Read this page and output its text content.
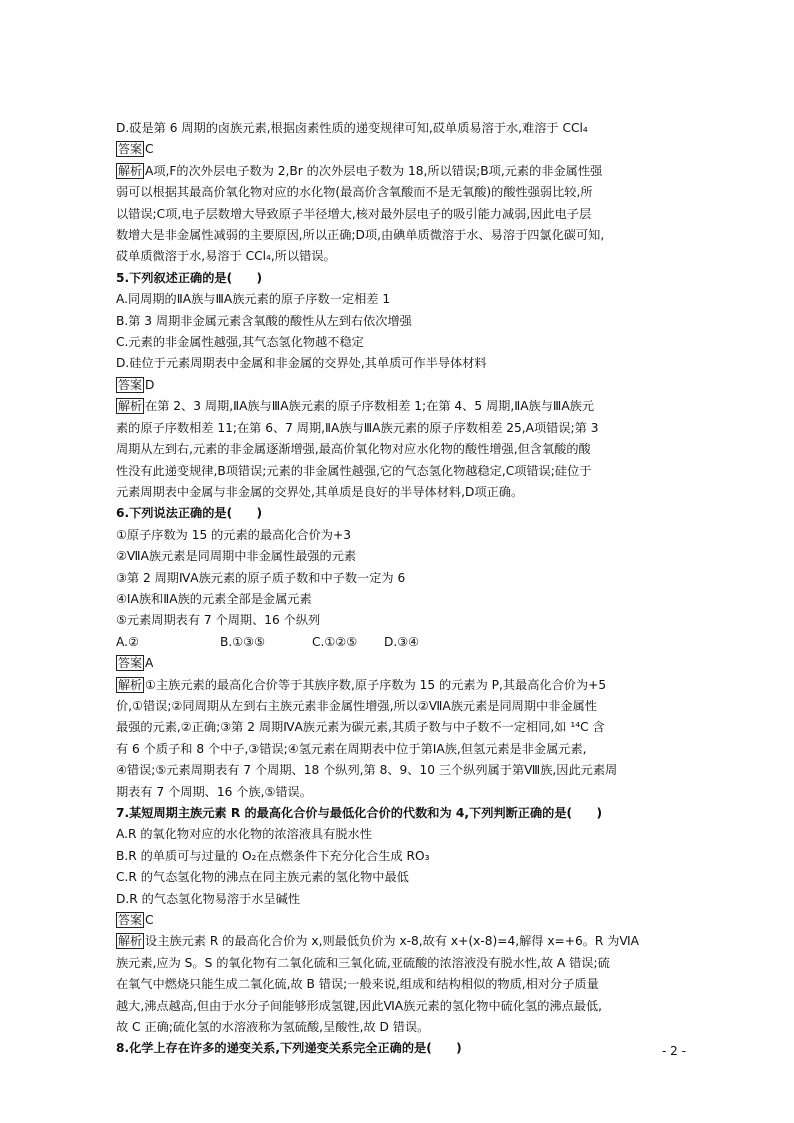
D.砹是第 6 周期的卤族元素,根据卤素性质的递变规律可知,砹单质易溶于水,难溶于 CCl₄
答案 C
解析 A项,F的次外层电子数为 2,Br 的次外层电子数为 18,所以错误;B项,元素的非金属性强
弱可以根据其最高价氧化物对应的水化物(最高价含氧酸而不是无氧酸)的酸性强弱比较,所
以错误;C项,电子层数增大导致原子半径增大,核对最外层电子的吸引能力减弱,因此电子层
数增大是非金属性减弱的主要原因,所以正确;D项,由碘单质微溶于水、易溶于四氯化碳可知,
砹单质微溶于水,易溶于 CCl₄,所以错误。
5.下列叙述正确的是(　　)
A.同周期的ⅡA族与ⅢA族元素的原子序数一定相差 1
B.第 3 周期非金属元素含氧酸的酸性从左到右依次增强
C.元素的非金属性越强,其气态氢化物越不稳定
D.硅位于元素周期表中金属和非金属的交界处,其单质可作半导体材料
答案 D
解析 在第 2、3 周期,ⅡA族与ⅢA族元素的原子序数相差 1;在第 4、5 周期,ⅡA族与ⅢA族元
素的原子序数相差 11;在第 6、7 周期,ⅡA族与ⅢA族元素的原子序数相差 25,A项错误;第 3
周期从左到右,元素的非金属逐渐增强,最高价氧化物对应水化物的酸性增强,但含氧酸的酸
性没有此递变规律,B项错误;元素的非金属性越强,它的气态氢化物越稳定,C项错误;硅位于
元素周期表中金属与非金属的交界处,其单质是良好的半导体材料,D项正确。
6.下列说法正确的是(　　)
①原子序数为 15 的元素的最高化合价为+3
②ⅦA族元素是同周期中非金属性最强的元素
③第 2 周期ⅣA族元素的原子质子数和中子数一定为 6
④ⅠA族和ⅡA族的元素全部是金属元素
⑤元素周期表有 7 个周期、16 个纵列
A.②	B.①③⑤	C.①②⑤ D.③④
答案 A
解析 ①主族元素的最高化合价等于其族序数,原子序数为 15 的元素为 P,其最高化合价为+5
价,①错误;②同周期从左到右主族元素非金属性增强,所以②ⅦA族元素是同周期中非金属性
最强的元素,②正确;③第 2 周期ⅣA族元素为碳元素,其质子数与中子数不一定相同,如 ¹⁴C 含
有 6 个质子和 8 个中子,③错误;④氢元素在周期表中位于第ⅠA族,但氢元素是非金属元素,
④错误;⑤元素周期表有 7 个周期、18 个纵列,第 8、9、10 三个纵列属于第Ⅷ族,因此元素周
期表有 7 个周期、16 个族,⑤错误。
7.某短周期主族元素 R 的最高化合价与最低化合价的代数和为 4,下列判断正确的是(　　)
A.R 的氧化物对应的水化物的浓溶液具有脱水性
B.R 的单质可与过量的 O₂在点燃条件下充分化合生成 RO₃
C.R 的气态氢化物的沸点在同主族元素的氢化物中最低
D.R 的气态氢化物易溶于水呈碱性
答案 C
解析 设主族元素 R 的最高化合价为 x,则最低负价为 x-8,故有 x+(x-8)=4,解得 x=+6。R 为ⅥA
族元素,应为 S。S 的氧化物有二氧化硫和三氧化硫,亚硫酸的浓溶液没有脱水性,故 A 错误;硫
在氧气中燃烧只能生成二氧化硫,故 B 错误;一般来说,组成和结构相似的物质,相对分子质量
越大,沸点越高,但由于水分子间能够形成氢键,因此ⅥA族元素的氢化物中硫化氢的沸点最低,
故 C 正确;硫化氢的水溶液称为氢硫酸,呈酸性,故 D 错误。
8.化学上存在许多的递变关系,下列递变关系完全正确的是(　　)	- 2 -
